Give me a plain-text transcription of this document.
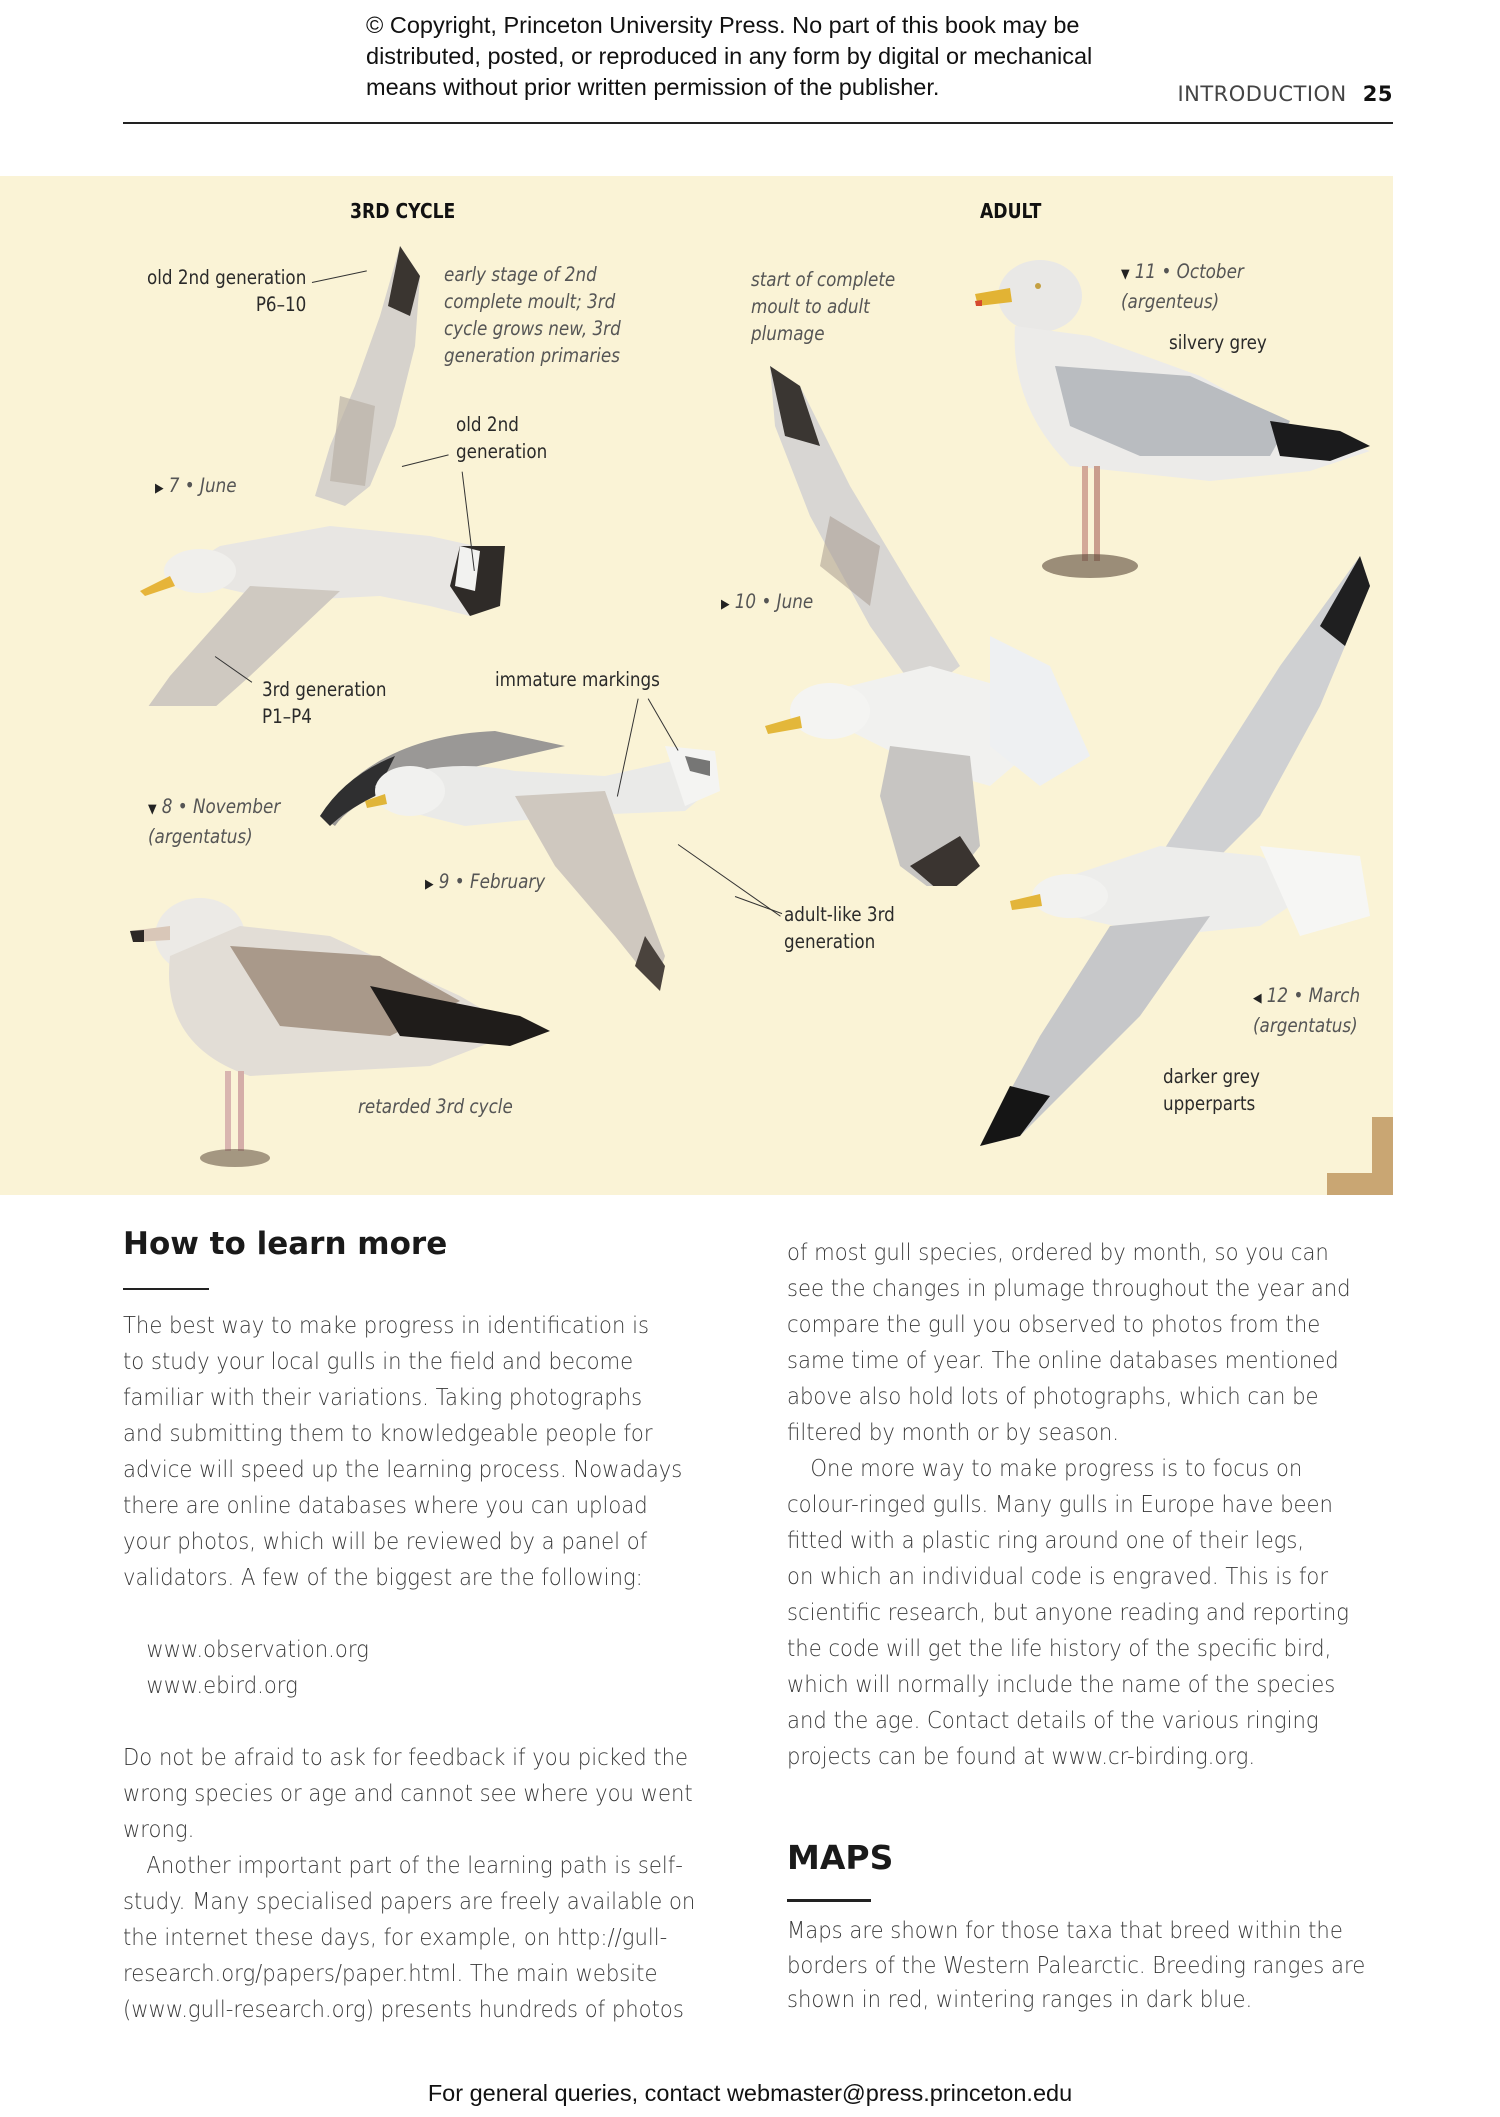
© Copyright, Princeton University Press. No part of this book may be
distributed, posted, or reproduced in any form by digital or mechanical
means without prior written permission of the publisher.	INTRODUCTION 25
3RD CYCLE	ADULT
old 2nd generation
P6–10
early stage of 2nd
complete moult; 3rd
cycle grows new, 3rd
generation primaries
old 2nd
generation
▶ 7 • June
3rd generation
P1–P4
immature markings
▼ 8 • November
(argentatus)
▶ 9 • February
adult-like 3rd
generation
retarded 3rd cycle
start of complete
moult to adult
plumage
▼ 11 • October
(argenteus)
silvery grey
▶ 10 • June
◀ 12 • March
(argentatus)
darker grey
upperparts
How to learn more

The best way to make progress in identification is

to study your local gulls in the field and become

familiar with their variations. Taking photographs

and submitting them to knowledgeable people for

advice will speed up the learning process. Nowadays

there are online databases where you can upload

your photos, which will be reviewed by a panel of

validators. A few of the biggest are the following:

www.observation.org

www.ebird.org

Do not be afraid to ask for feedback if you picked the

wrong species or age and cannot see where you went

wrong.

Another important part of the learning path is self-

study. Many specialised papers are freely available on

the internet these days, for example, on http://gull-

research.org/papers/paper.html. The main website

(www.gull-research.org) presents hundreds of photos

of most gull species, ordered by month, so you can

see the changes in plumage throughout the year and

compare the gull you observed to photos from the

same time of year. The online databases mentioned

above also hold lots of photographs, which can be

filtered by month or by season.

One more way to make progress is to focus on

colour-ringed gulls. Many gulls in Europe have been

fitted with a plastic ring around one of their legs,

on which an individual code is engraved. This is for

scientific research, but anyone reading and reporting

the code will get the life history of the specific bird,

which will normally include the name of the species

and the age. Contact details of the various ringing

projects can be found at www.cr-birding.org.

MAPS

Maps are shown for those taxa that breed within the

borders of the Western Palearctic. Breeding ranges are

shown in red, wintering ranges in dark blue.

For general queries, contact webmaster@press.princeton.edu
